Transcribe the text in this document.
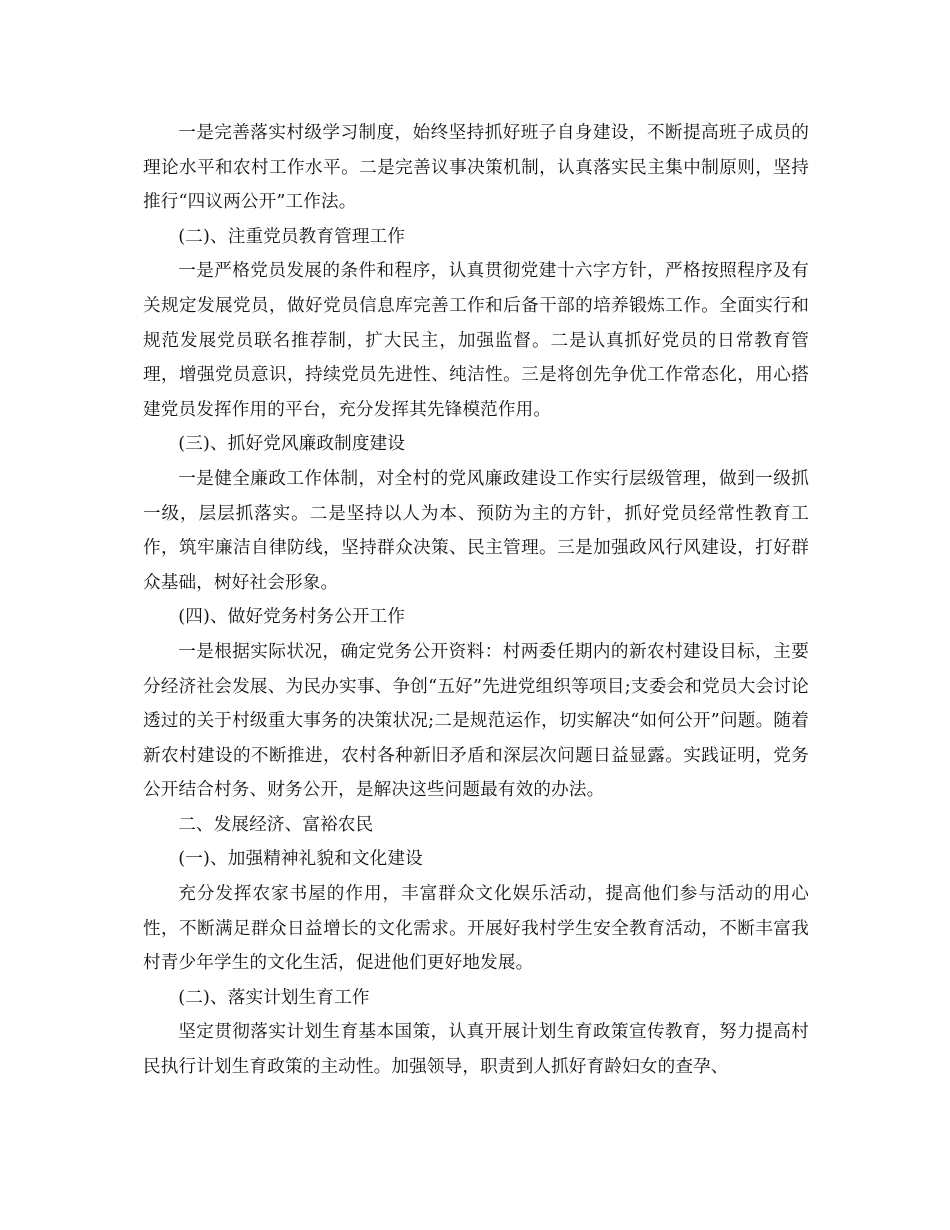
一是完善落实村级学习制度，始终坚持抓好班子自身建设，不断提高班子成员的理论水平和农村工作水平。二是完善议事决策机制，认真落实民主集中制原则，坚持推行“四议两公开”工作法。

(二)、注重党员教育管理工作

一是严格党员发展的条件和程序，认真贯彻党建十六字方针，严格按照程序及有关规定发展党员，做好党员信息库完善工作和后备干部的培养锻炼工作。全面实行和规范发展党员联名推荐制，扩大民主，加强监督。二是认真抓好党员的日常教育管理，增强党员意识，持续党员先进性、纯洁性。三是将创先争优工作常态化，用心搭建党员发挥作用的平台，充分发挥其先锋模范作用。

(三)、抓好党风廉政制度建设

一是健全廉政工作体制，对全村的党风廉政建设工作实行层级管理，做到一级抓一级，层层抓落实。二是坚持以人为本、预防为主的方针，抓好党员经常性教育工作，筑牢廉洁自律防线，坚持群众决策、民主管理。三是加强政风行风建设，打好群众基础，树好社会形象。

(四)、做好党务村务公开工作

一是根据实际状况，确定党务公开资料：村两委任期内的新农村建设目标，主要分经济社会发展、为民办实事、争创“五好”先进党组织等项目;支委会和党员大会讨论透过的关于村级重大事务的决策状况;二是规范运作，切实解决“如何公开”问题。随着新农村建设的不断推进，农村各种新旧矛盾和深层次问题日益显露。实践证明，党务公开结合村务、财务公开，是解决这些问题最有效的办法。

二、发展经济、富裕农民

(一)、加强精神礼貌和文化建设

充分发挥农家书屋的作用，丰富群众文化娱乐活动，提高他们参与活动的用心性，不断满足群众日益增长的文化需求。开展好我村学生安全教育活动，不断丰富我村青少年学生的文化生活，促进他们更好地发展。

(二)、落实计划生育工作

坚定贯彻落实计划生育基本国策，认真开展计划生育政策宣传教育，努力提高村民执行计划生育政策的主动性。加强领导，职责到人抓好育龄妇女的查孕、
